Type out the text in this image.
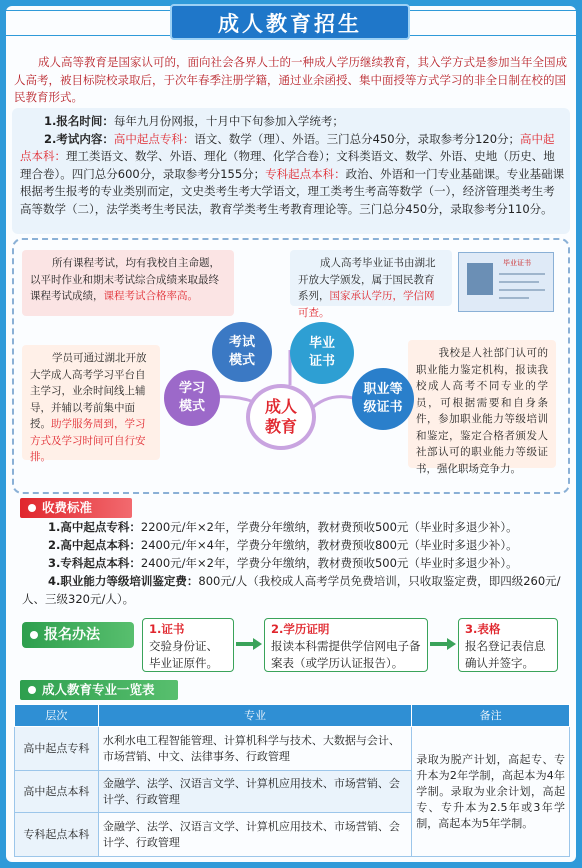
成人教育招生
成人高等教育是国家认可的，面向社会各界人士的一种成人学历继续教育，其入学方式是参加当年全国成人高考，被目标院校录取后，于次年春季注册学籍，通过业余函授、集中面授等方式学习的非全日制在校的国民教育形式。
1.报名时间：每年九月份网报，十月中下旬参加入学统考；
2.考试内容：高中起点专科：语文、数学（理）、外语。三门总分450分，录取参考分120分；高中起点本科：理工类语文、数学、外语、理化（物理、化学合卷）；文科类语文、数学、外语、史地（历史、地理合卷）。四门总分600分，录取参考分155分；专科起点本科：政治、外语和一门专业基础课。专业基础课根据考生报考的专业类别而定，文史类考生考大学语文，理工类考生考高等数学（一），经济管理类考生考高等数学（二），法学类考生考民法，教育学类考生考教育理论等。三门总分450分，录取参考分110分。
所有课程考试，均有我校自主命题，以平时作业和期末考试综合成绩来取最终课程考试成绩，课程考试合格率高。
成人高考毕业证书由湖北开放大学颁发，属于国民教育系列，国家承认学历，学信网可查。
毕业证书
学员可通过湖北开放大学成人高考学习平台自主学习，业余时间线上辅导，并辅以考前集中面授。助学服务周到，学习方式及学习时间可自行安排。
我校是人社部门认可的职业能力鉴定机构，报读我校成人高考不同专业的学员，可根据需要和自身条件，参加职业能力等级培训和鉴定，鉴定合格者颁发人社部认可的职业能力等级证书，强化职场竞争力。
学习模式
考试模式
毕业证书
职业等级证书
成人教育
收费标准
1.高中起点专科：2200元/年×2年，学费分年缴纳，教材费预收500元（毕业时多退少补）。
2.高中起点本科：2400元/年×4年，学费分年缴纳，教材费预收800元（毕业时多退少补）。
3.专科起点本科：2400元/年×2年，学费分年缴纳，教材费预收500元（毕业时多退少补）。
4.职业能力等级培训鉴定费：800元/人（我校成人高考学员免费培训，只收取鉴定费，即四级260元/人、三级320元/人）。
报名办法	1.证书
交验身份证、毕业证原件。
2.学历证明
报读本科需提供学信网电子备案表（或学历认证报告）。
3.表格
报名登记表信息确认并签字。
成人教育专业一览表
层次	专业	备注
高中起点专科	水利水电工程智能管理、计算机科学与技术、大数据与会计、市场营销、中文、法律事务、行政管理	录取为脱产计划，高起专、专升本为2年学制，高起本为4年学制。录取为业余计划，高起专、专升本为2.5年或3年学制，高起本为5年学制。
高中起点本科	金融学、法学、汉语言文学、计算机应用技术、市场营销、会计学、行政管理	
专科起点本科	金融学、法学、汉语言文学、计算机应用技术、市场营销、会计学、行政管理	
